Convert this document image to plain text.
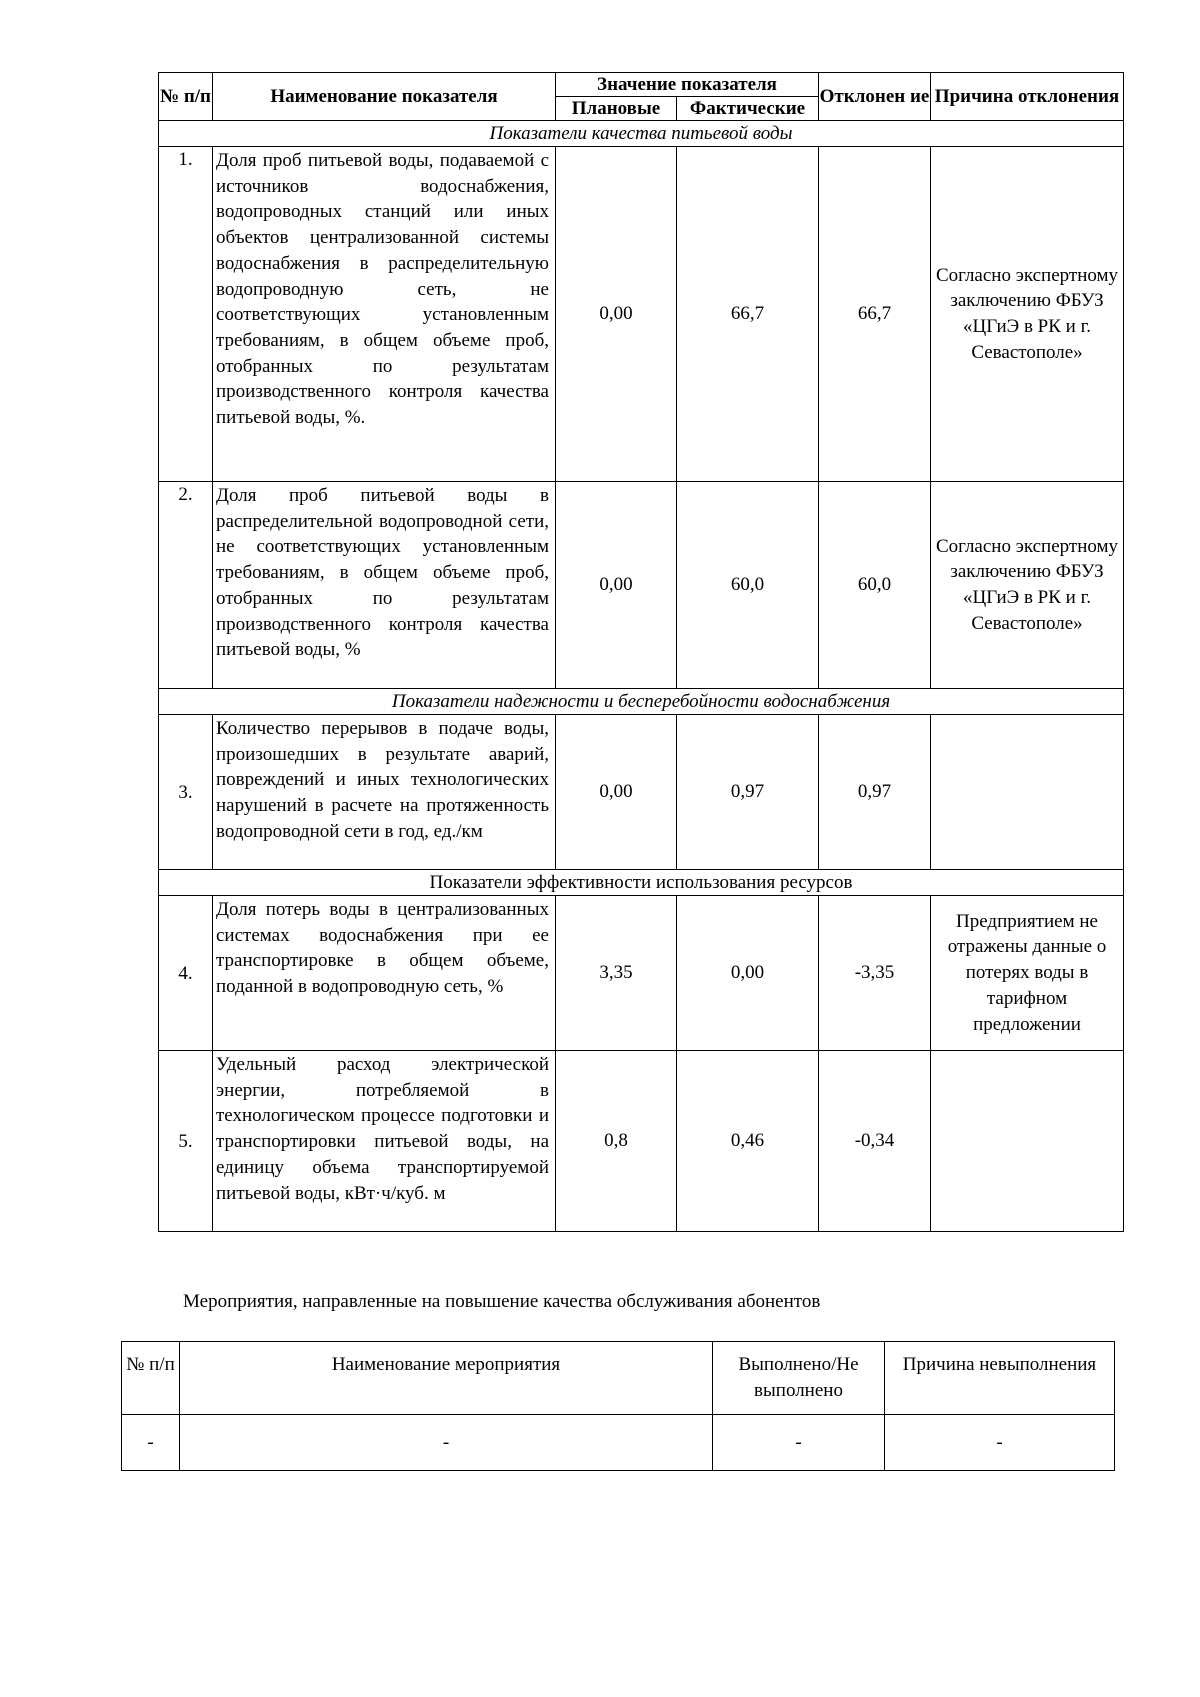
№ п/п	Наименование показателя	Значение показателя		Отклонен ие	Причина отклонения
		Плановые	Фактические		
Показатели качества питьевой воды					
1.	Доля проб питьевой воды, подаваемой с источников водоснабжения, водопроводных станций или иных объектов централизованной системы водоснабжения в распределительную водопроводную сеть, не соответствующих установленным требованиям, в общем объеме проб, отобранных по результатам производственного контроля качества питьевой воды, %.	0,00	66,7	66,7	Согласно экспертному заключению ФБУЗ «ЦГиЭ в РК и г. Севастополе»
2.	Доля проб питьевой воды в распределительной водопроводной сети, не соответствующих установленным требованиям, в общем объеме проб, отобранных по результатам производственного контроля качества питьевой воды, %	0,00	60,0	60,0	Согласно экспертному заключению ФБУЗ «ЦГиЭ в РК и г. Севастополе»
Показатели надежности и бесперебойности водоснабжения					
3.	Количество перерывов в подаче воды, произошедших в результате аварий, повреждений и иных технологических нарушений в расчете на протяженность водопроводной сети в год, ед./км	0,00	0,97	0,97	
Показатели эффективности использования ресурсов					
4.	Доля потерь воды в централизованных системах водоснабжения при ее транспортировке в общем объеме, поданной в водопроводную сеть, %	3,35	0,00	-3,35	Предприятием не отражены данные о потерях воды в тарифном предложении
5.	Удельный расход электрической энергии, потребляемой в технологическом процессе подготовки и транспортировки питьевой воды, на единицу объема транспортируемой питьевой воды, кВт·ч/куб. м	0,8	0,46	-0,34	
Мероприятия, направленные на повышение качества обслуживания абонентов
№ п/п	Наименование мероприятия	Выполнено/Не выполнено	Причина невыполнения
-	-	-	-
